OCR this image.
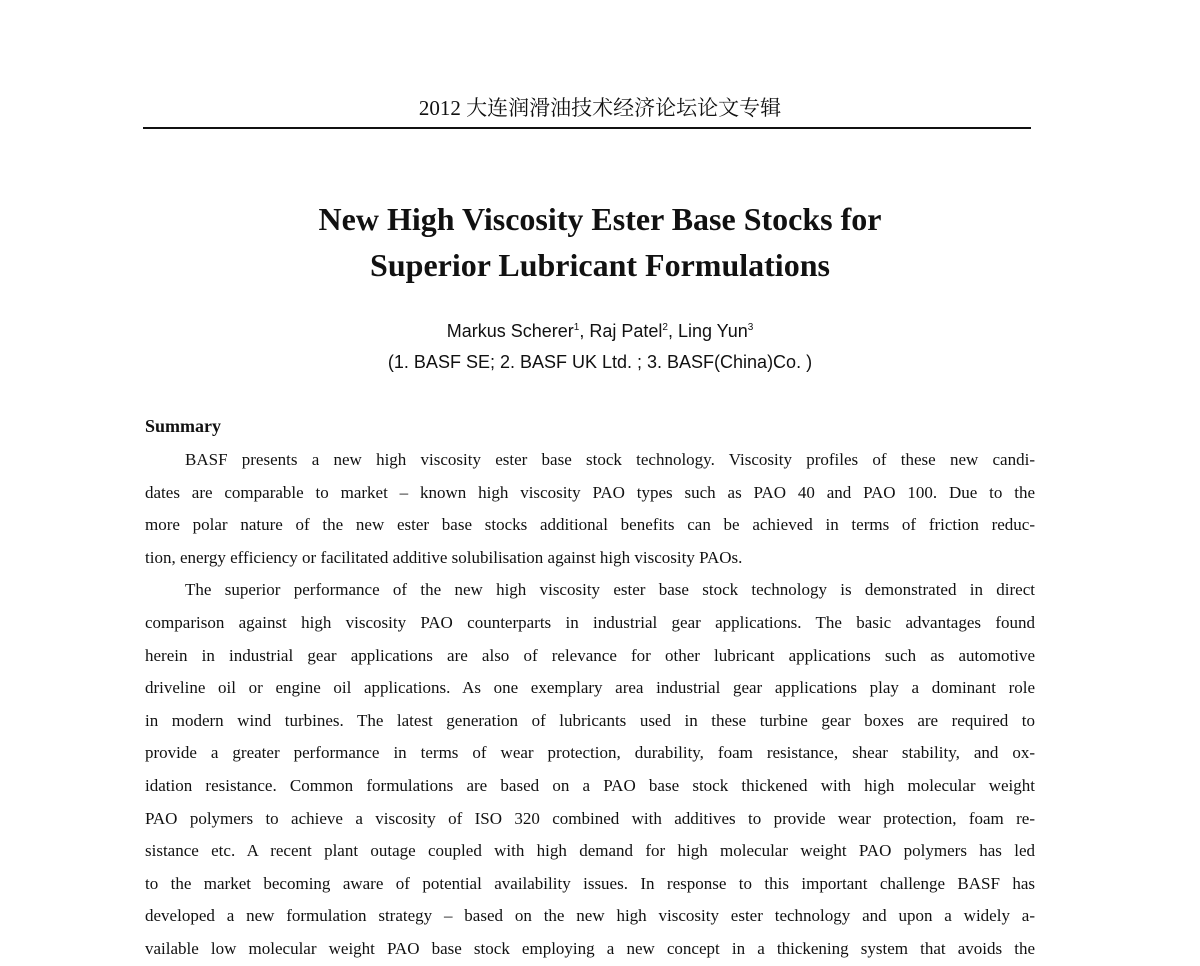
2012 大连润滑油技术经济论坛论文专辑
New High Viscosity Ester Base Stocks for
Superior Lubricant Formulations
Markus Scherer$^1$, Raj Patel$^2$, Ling Yun$^3$
(1. BASF SE; 2. BASF UK Ltd. ; 3. BASF(China)Co. )
Summary
BASF presents a new high viscosity ester base stock technology. Viscosity profiles of these new candi-
dates are comparable to market – known high viscosity PAO types such as PAO 40 and PAO 100. Due to the
more polar nature of the new ester base stocks additional benefits can be achieved in terms of friction reduc-
tion, energy efficiency or facilitated additive solubilisation against high viscosity PAOs.
The superior performance of the new high viscosity ester base stock technology is demonstrated in direct
comparison against high viscosity PAO counterparts in industrial gear applications. The basic advantages found
herein in industrial gear applications are also of relevance for other lubricant applications such as automotive
driveline oil or engine oil applications. As one exemplary area industrial gear applications play a dominant role
in modern wind turbines. The latest generation of lubricants used in these turbine gear boxes are required to
provide a greater performance in terms of wear protection, durability, foam resistance, shear stability, and ox-
idation resistance. Common formulations are based on a PAO base stock thickened with high molecular weight
PAO polymers to achieve a viscosity of ISO 320 combined with additives to provide wear protection, foam re-
sistance etc. A recent plant outage coupled with high demand for high molecular weight PAO polymers has led
to the market becoming aware of potential availability issues. In response to this important challenge BASF has
developed a new formulation strategy – based on the new high viscosity ester technology and upon a widely a-
vailable low molecular weight PAO base stock employing a new concept in a thickening system that avoids the
